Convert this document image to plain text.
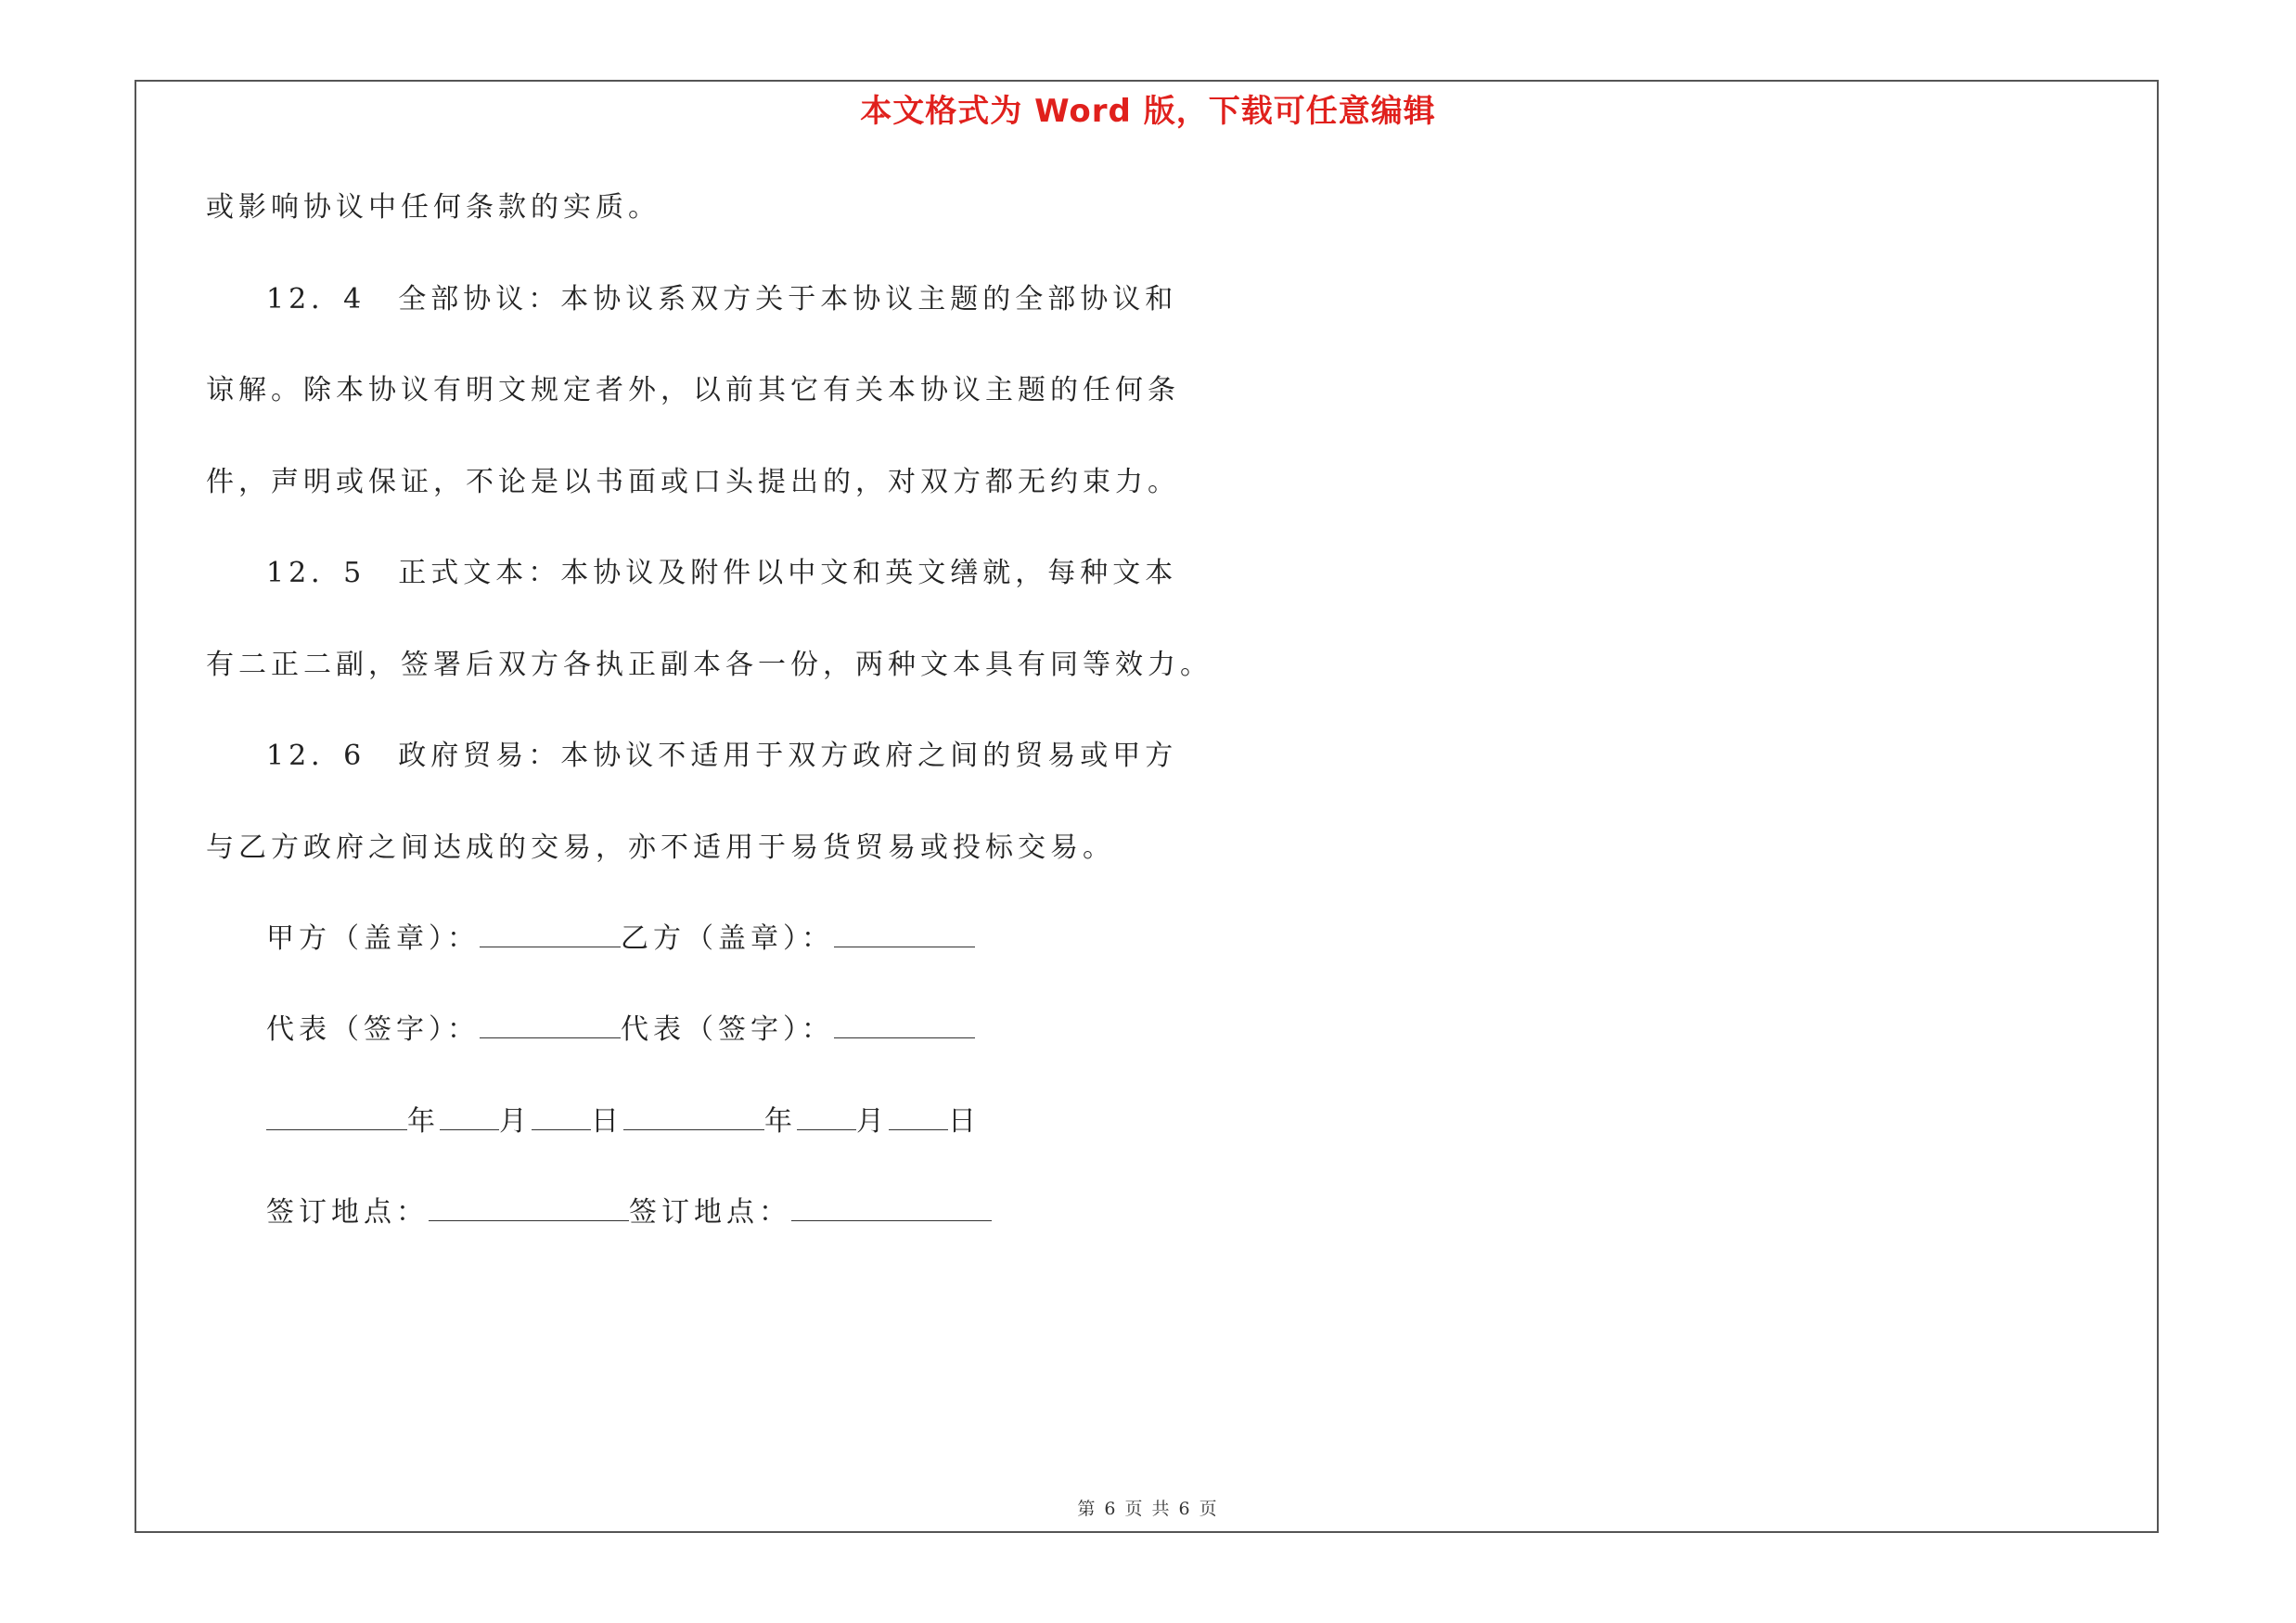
本文格式为 Word 版，下载可任意编辑
或影响协议中任何条款的实质。
12．4　全部协议：本协议系双方关于本协议主题的全部协议和
谅解。除本协议有明文规定者外，以前其它有关本协议主题的任何条
件，声明或保证，不论是以书面或口头提出的，对双方都无约束力。
12．5　正式文本：本协议及附件以中文和英文缮就，每种文本
有二正二副，签署后双方各执正副本各一份，两种文本具有同等效力。
12．6　政府贸易：本协议不适用于双方政府之间的贸易或甲方
与乙方政府之间达成的交易，亦不适用于易货贸易或投标交易。
甲方（盖章）：	乙方（盖章）：
代表（签字）：	代表（签字）：
年 月 日	年 月 日
签订地点：	签订地点：
第 6 页 共 6 页
